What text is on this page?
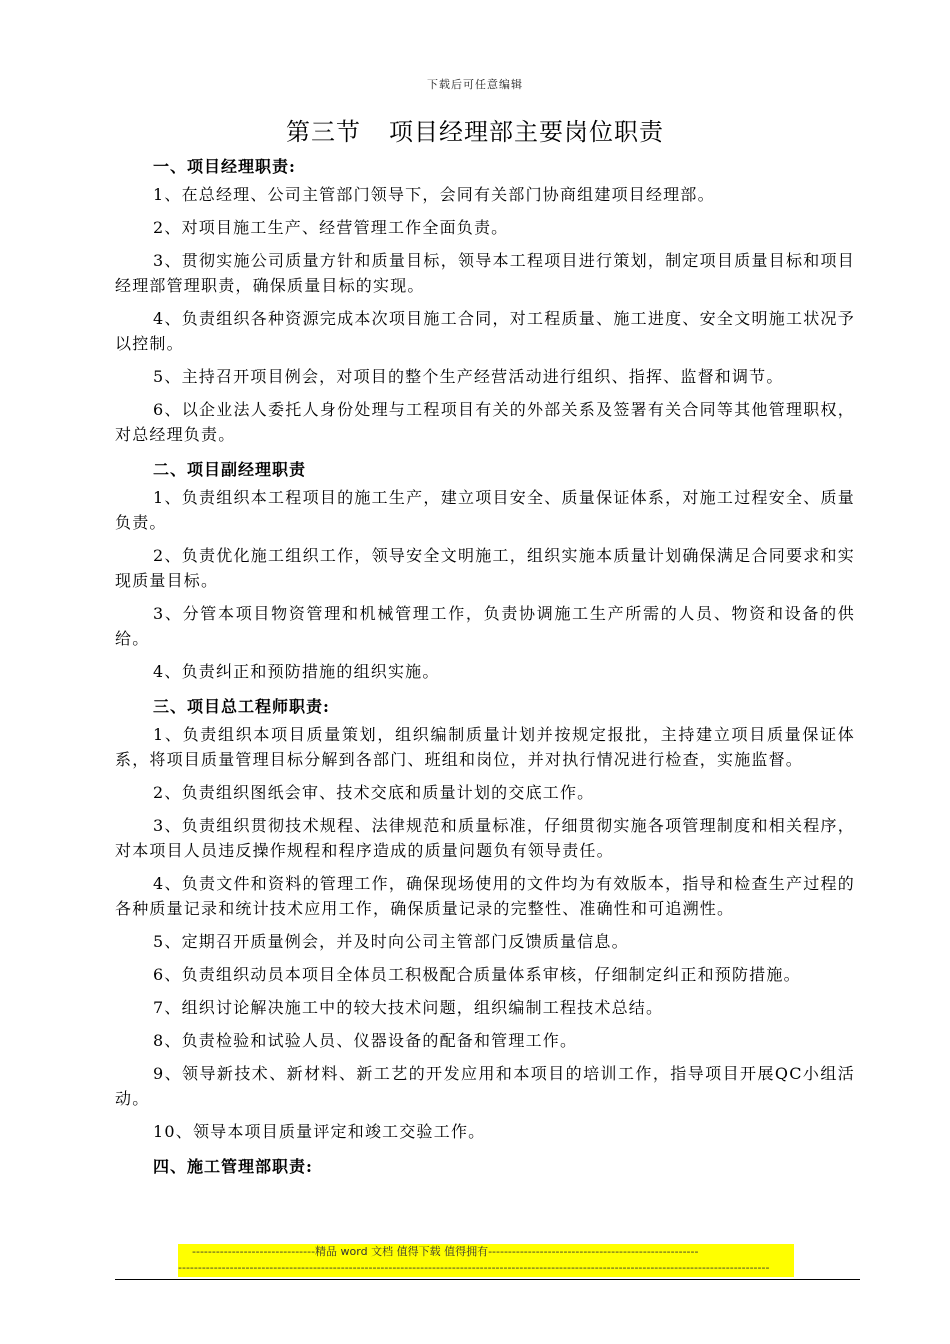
下载后可任意编辑
第三节 项目经理部主要岗位职责
一、项目经理职责:

1、在总经理、公司主管部门领导下，会同有关部门协商组建项目经理部。

2、对项目施工生产、经营管理工作全面负责。

3、贯彻实施公司质量方针和质量目标，领导本工程项目进行策划，制定项目质量目标和项目经理部管理职责，确保质量目标的实现。

4、负责组织各种资源完成本次项目施工合同，对工程质量、施工进度、安全文明施工状况予以控制。

5、主持召开项目例会，对项目的整个生产经营活动进行组织、指挥、监督和调节。

6、以企业法人委托人身份处理与工程项目有关的外部关系及签署有关合同等其他管理职权，对总经理负责。

二、项目副经理职责

1、负责组织本工程项目的施工生产，建立项目安全、质量保证体系，对施工过程安全、质量负责。

2、负责优化施工组织工作，领导安全文明施工，组织实施本质量计划确保满足合同要求和实现质量目标。

3、分管本项目物资管理和机械管理工作，负责协调施工生产所需的人员、物资和设备的供给。

4、负责纠正和预防措施的组织实施。

三、项目总工程师职责:

1、负责组织本项目质量策划，组织编制质量计划并按规定报批，主持建立项目质量保证体系，将项目质量管理目标分解到各部门、班组和岗位，并对执行情况进行检查，实施监督。

2、负责组织图纸会审、技术交底和质量计划的交底工作。

3、负责组织贯彻技术规程、法律规范和质量标准，仔细贯彻实施各项管理制度和相关程序，对本项目人员违反操作规程和程序造成的质量问题负有领导责任。

4、负责文件和资料的管理工作，确保现场使用的文件均为有效版本，指导和检查生产过程的各种质量记录和统计技术应用工作，确保质量记录的完整性、准确性和可追溯性。

5、定期召开质量例会，并及时向公司主管部门反馈质量信息。

6、负责组织动员本项目全体员工积极配合质量体系审核，仔细制定纠正和预防措施。

7、组织讨论解决施工中的较大技术问题，组织编制工程技术总结。

8、负责检验和试验人员、仪器设备的配备和管理工作。

9、领导新技术、新材料、新工艺的开发应用和本项目的培训工作，指导项目开展QC小组活动。

10、领导本项目质量评定和竣工交验工作。

四、施工管理部职责:
-------------------------------精品 word 文档 值得下载 值得拥有-----------------------------------------------------
-----------------------------------------------------------------------------------------------------------------------------------------------------
